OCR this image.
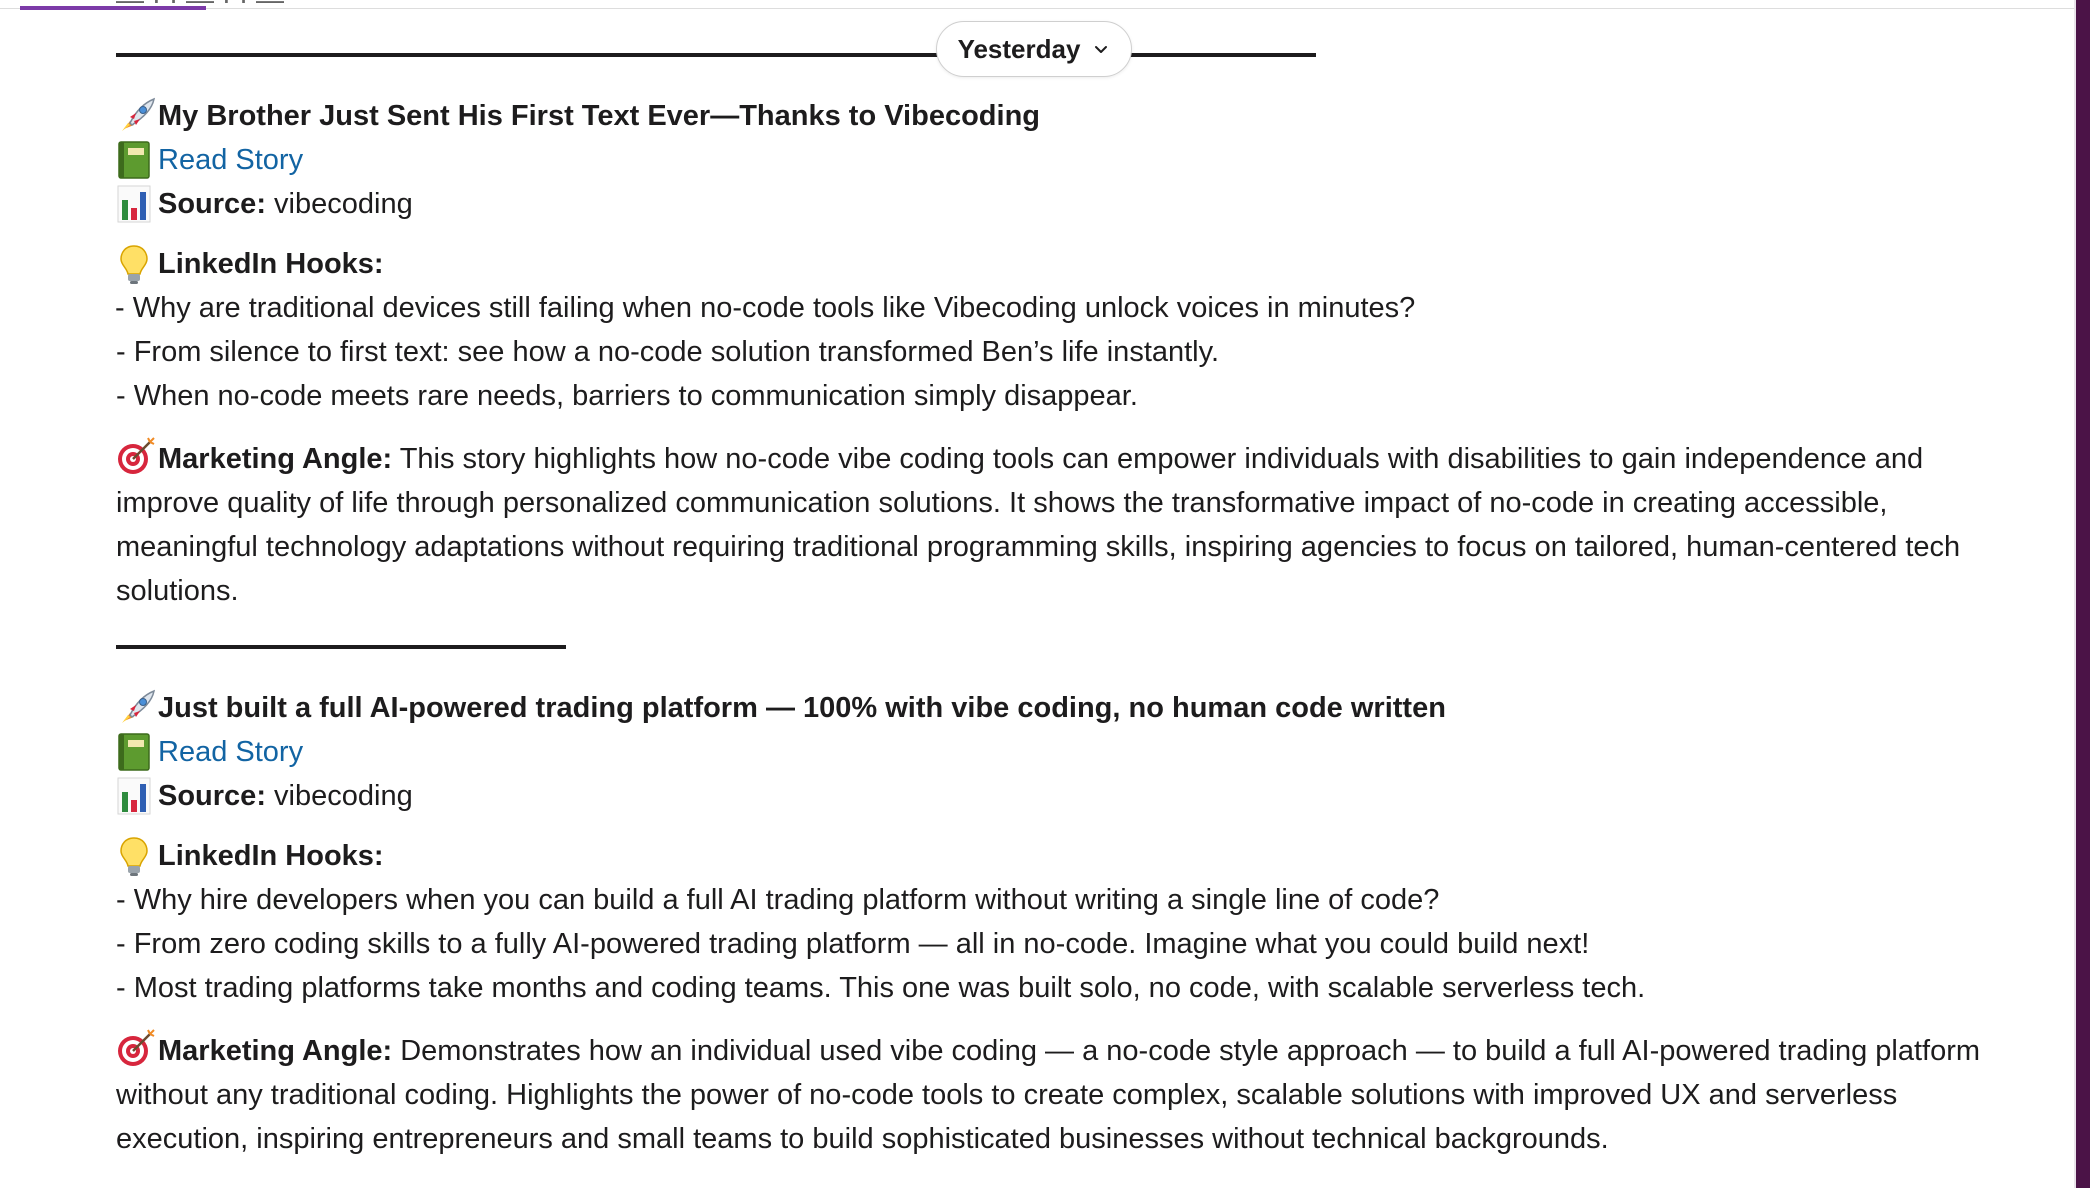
Yesterday
My Brother Just Sent His First Text Ever—Thanks to Vibecoding
Read Story
Source:
vibecoding
LinkedIn Hooks:
- Why are traditional devices still failing when no-code tools like Vibecoding unlock voices in minutes?
- From silence to first text: see how a no-code solution transformed Ben’s life instantly.
- When no-code meets rare needs, barriers to communication simply disappear.
Marketing Angle: This story highlights how no-code vibe coding tools can empower individuals with disabilities to gain independence and improve quality of life through personalized communication solutions. It shows the transformative impact of no-code in creating accessible, meaningful technology adaptations without requiring traditional programming skills, inspiring agencies to focus on tailored, human-centered tech solutions.
Just built a full AI-powered trading platform — 100% with vibe coding, no human code written
Read Story
Source:
vibecoding
LinkedIn Hooks:
- Why hire developers when you can build a full AI trading platform without writing a single line of code?
- From zero coding skills to a fully AI-powered trading platform — all in no-code. Imagine what you could build next!
- Most trading platforms take months and coding teams. This one was built solo, no code, with scalable serverless tech.
Marketing Angle: Demonstrates how an individual used vibe coding — a no-code style approach — to build a full AI-powered trading platform without any traditional coding. Highlights the power of no-code tools to create complex, scalable solutions with improved UX and serverless execution, inspiring entrepreneurs and small teams to build sophisticated businesses without technical backgrounds.
